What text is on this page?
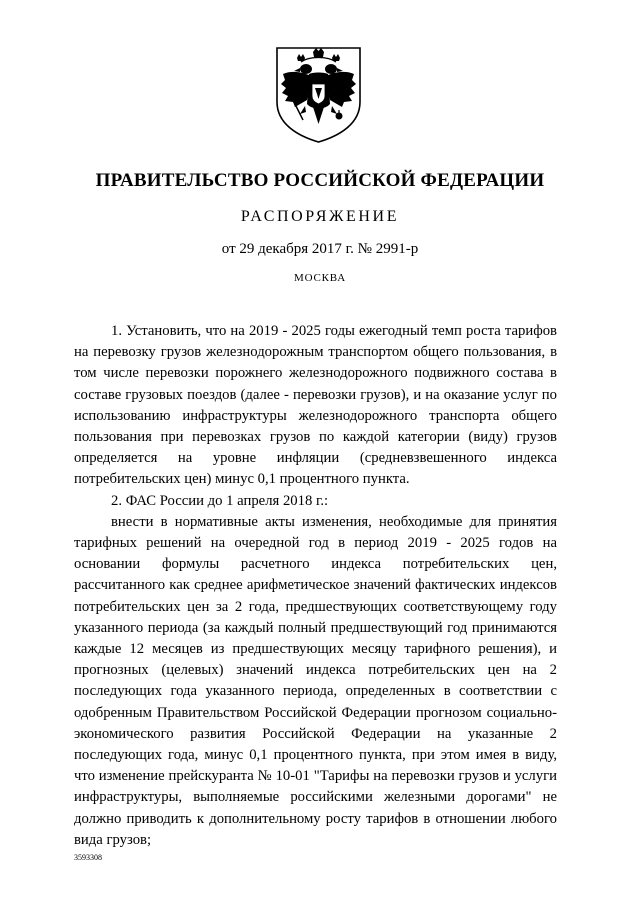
ПРАВИТЕЛЬСТВО РОССИЙСКОЙ ФЕДЕРАЦИИ
РАСПОРЯЖЕНИЕ
от 29 декабря 2017 г. № 2991-р
МОСКВА

1. Установить, что на 2019 - 2025 годы ежегодный темп роста тарифов на перевозку грузов железнодорожным транспортом общего пользования, в том числе перевозки порожнего железнодорожного подвижного состава в составе грузовых поездов (далее - перевозки грузов), и на оказание услуг по использованию инфраструктуры железнодорожного транспорта общего пользования при перевозках грузов по каждой категории (виду) грузов определяется на уровне инфляции (средневзвешенного индекса потребительских цен) минус 0,1 процентного пункта.

2. ФАС России до 1 апреля 2018 г.:

внести в нормативные акты изменения, необходимые для принятия тарифных решений на очередной год в период 2019 - 2025 годов на основании формулы расчетного индекса потребительских цен, рассчитанного как среднее арифметическое значений фактических индексов потребительских цен за 2 года, предшествующих соответствующему году указанного периода (за каждый полный предшествующий год принимаются каждые 12 месяцев из предшествующих месяцу тарифного решения), и прогнозных (целевых) значений индекса потребительских цен на 2 последующих года указанного периода, определенных в соответствии с одобренным Правительством Российской Федерации прогнозом социально-экономического развития Российской Федерации на указанные 2 последующих года, минус 0,1 процентного пункта, при этом имея в виду, что изменение прейскуранта № 10-01 "Тарифы на перевозки грузов и услуги инфраструктуры, выполняемые российскими железными дорогами" не должно приводить к дополнительному росту тарифов в отношении любого вида грузов;

3593308
